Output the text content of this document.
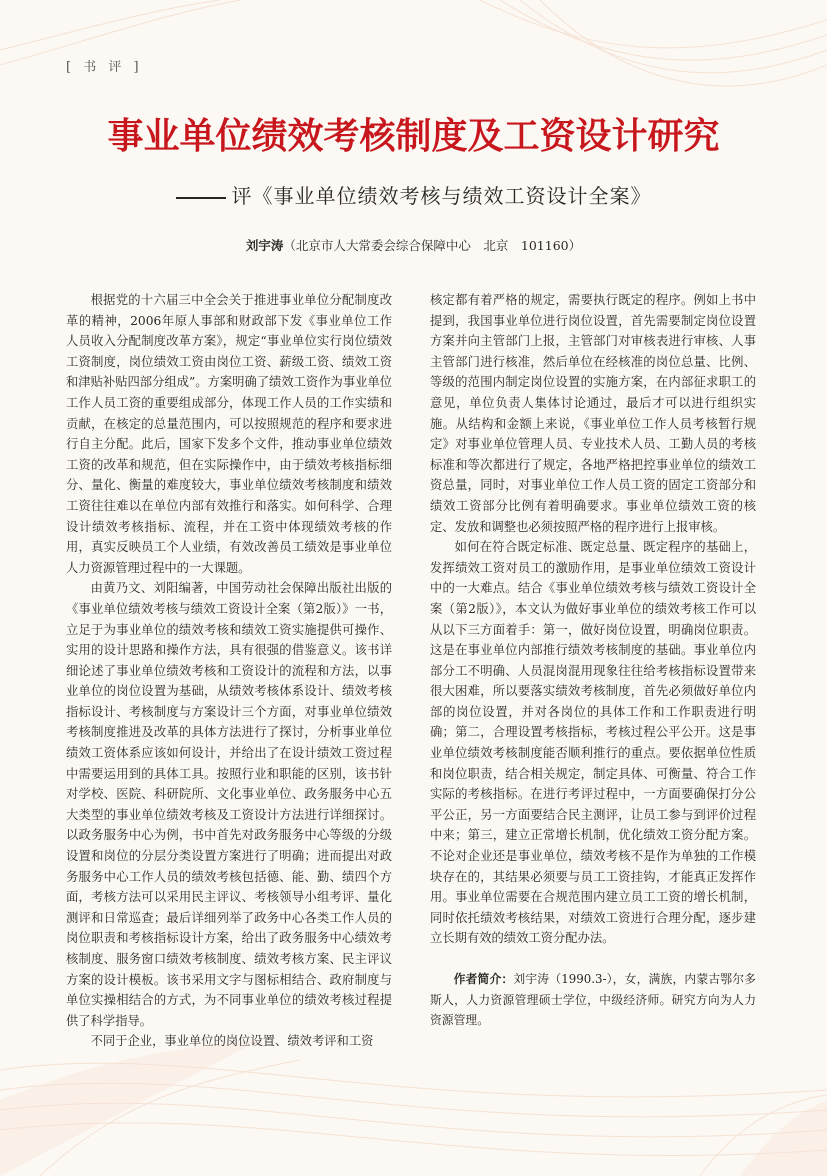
[ 书 评 ]
事业单位绩效考核制度及工资设计研究
评《事业单位绩效考核与绩效工资设计全案》
刘宇涛（北京市人大常委会综合保障中心　北京　101160）

根据党的十六届三中全会关于推进事业单位分配制度改革的精神，2006年原人事部和财政部下发《事业单位工作人员收入分配制度改革方案》，规定“事业单位实行岗位绩效工资制度，岗位绩效工资由岗位工资、薪级工资、绩效工资和津贴补贴四部分组成”。方案明确了绩效工资作为事业单位工作人员工资的重要组成部分，体现工作人员的工作实绩和贡献，在核定的总量范围内，可以按照规范的程序和要求进行自主分配。此后，国家下发多个文件，推动事业单位绩效工资的改革和规范，但在实际操作中，由于绩效考核指标细分、量化、衡量的难度较大，事业单位绩效考核制度和绩效工资往往难以在单位内部有效推行和落实。如何科学、合理设计绩效考核指标、流程，并在工资中体现绩效考核的作用，真实反映员工个人业绩，有效改善员工绩效是事业单位人力资源管理过程中的一大课题。

由黄乃文、刘阳编著，中国劳动社会保障出版社出版的《事业单位绩效考核与绩效工资设计全案（第2版）》一书，立足于为事业单位的绩效考核和绩效工资实施提供可操作、实用的设计思路和操作方法，具有很强的借鉴意义。该书详细论述了事业单位绩效考核和工资设计的流程和方法，以事业单位的岗位设置为基础，从绩效考核体系设计、绩效考核指标设计、考核制度与方案设计三个方面，对事业单位绩效考核制度推进及改革的具体方法进行了探讨，分析事业单位绩效工资体系应该如何设计，并给出了在设计绩效工资过程中需要运用到的具体工具。按照行业和职能的区别，该书针对学校、医院、科研院所、文化事业单位、政务服务中心五大类型的事业单位绩效考核及工资设计方法进行详细探讨。以政务服务中心为例，书中首先对政务服务中心等级的分级设置和岗位的分层分类设置方案进行了明确；进而提出对政务服务中心工作人员的绩效考核包括德、能、勤、绩四个方面，考核方法可以采用民主评议、考核领导小组考评、量化测评和日常巡查；最后详细列举了政务中心各类工作人员的岗位职责和考核指标设计方案，给出了政务服务中心绩效考核制度、服务窗口绩效考核制度、绩效考核方案、民主评议方案的设计模板。该书采用文字与图标相结合、政府制度与单位实操相结合的方式，为不同事业单位的绩效考核过程提供了科学指导。

不同于企业，事业单位的岗位设置、绩效考评和工资

核定都有着严格的规定，需要执行既定的程序。例如上书中提到，我国事业单位进行岗位设置，首先需要制定岗位设置方案并向主管部门上报，主管部门对审核表进行审核、人事主管部门进行核准，然后单位在经核准的岗位总量、比例、等级的范围内制定岗位设置的实施方案，在内部征求职工的意见，单位负责人集体讨论通过，最后才可以进行组织实施。从结构和金额上来说，《事业单位工作人员考核暂行规定》对事业单位管理人员、专业技术人员、工勤人员的考核标准和等次都进行了规定，各地严格把控事业单位的绩效工资总量，同时，对事业单位工作人员工资的固定工资部分和绩效工资部分比例有着明确要求。事业单位绩效工资的核定、发放和调整也必须按照严格的程序进行上报审核。

如何在符合既定标准、既定总量、既定程序的基础上，发挥绩效工资对员工的激励作用，是事业单位绩效工资设计中的一大难点。结合《事业单位绩效考核与绩效工资设计全案（第2版）》，本文认为做好事业单位的绩效考核工作可以从以下三方面着手：第一，做好岗位设置，明确岗位职责。这是在事业单位内部推行绩效考核制度的基础。事业单位内部分工不明确、人员混岗混用现象往往给考核指标设置带来很大困难，所以要落实绩效考核制度，首先必须做好单位内部的岗位设置，并对各岗位的具体工作和工作职责进行明确；第二，合理设置考核指标，考核过程公平公开。这是事业单位绩效考核制度能否顺利推行的重点。要依据单位性质和岗位职责，结合相关规定，制定具体、可衡量、符合工作实际的考核指标。在进行考评过程中，一方面要确保打分公平公正，另一方面要结合民主测评，让员工参与到评价过程中来；第三，建立正常增长机制，优化绩效工资分配方案。不论对企业还是事业单位，绩效考核不是作为单独的工作模块存在的，其结果必须要与员工工资挂钩，才能真正发挥作用。事业单位需要在合规范围内建立员工工资的增长机制，同时依托绩效考核结果，对绩效工资进行合理分配，逐步建立长期有效的绩效工资分配办法。

作者简介：刘宇涛（1990.3-），女，满族，内蒙古鄂尔多斯人，人力资源管理硕士学位，中级经济师。研究方向为人力资源管理。
